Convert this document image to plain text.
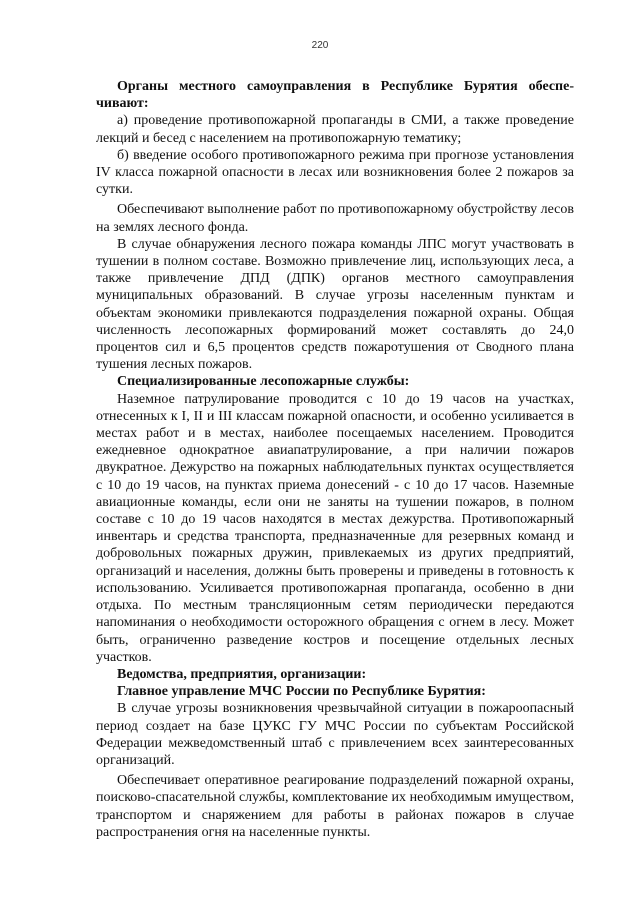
220

Органы местного самоуправления в Республике Бурятия обеспечивают:

а) проведение противопожарной пропаганды в СМИ, а также проведение лекций и бесед с населением на противопожарную тематику;

б) введение особого противопожарного режима при прогнозе установления IV класса пожарной опасности в лесах или возникновения более 2 пожаров за сутки.

Обеспечивают выполнение работ по противопожарному обустройству лесов на землях лесного фонда.

В случае обнаружения лесного пожара команды ЛПС могут участвовать в тушении в полном составе. Возможно привлечение лиц, использующих леса, а также привлечение ДПД (ДПК) органов местного самоуправления муниципальных образований. В случае угрозы населенным пунктам и объектам экономики привлекаются подразделения пожарной охраны. Общая численность лесопожарных формирований может составлять до 24,0 процентов сил и 6,5 процентов средств пожаротушения от Сводного плана тушения лесных пожаров.

Специализированные лесопожарные службы:

Наземное патрулирование проводится с 10 до 19 часов на участках, отнесенных к I, II и III классам пожарной опасности, и особенно усиливается в местах работ и в местах, наиболее посещаемых населением. Проводится ежедневное однократное авиапатрулирование, а при наличии пожаров двукратное. Дежурство на пожарных наблюдательных пунктах осуществляется с 10 до 19 часов, на пунктах приема донесений - с 10 до 17 часов. Наземные авиационные команды, если они не заняты на тушении пожаров, в полном составе с 10 до 19 часов находятся в местах дежурства. Противопожарный инвентарь и средства транспорта, предназначенные для резервных команд и добровольных пожарных дружин, привлекаемых из других предприятий, организаций и населения, должны быть проверены и приведены в готовность к использованию. Усиливается противопожарная пропаганда, особенно в дни отдыха. По местным трансляционным сетям периодически передаются напоминания о необходимости осторожного обращения с огнем в лесу. Может быть, ограниченно разведение костров и посещение отдельных лесных участков.

Ведомства, предприятия, организации:

Главное управление МЧС России по Республике Бурятия:

В случае угрозы возникновения чрезвычайной ситуации в пожароопасный период создает на базе ЦУКС ГУ МЧС России по субъектам Российской Федерации межведомственный штаб с привлечением всех заинтересованных организаций.

Обеспечивает оперативное реагирование подразделений пожарной охраны, поисково-спасательной службы, комплектование их необходимым имуществом, транспортом и снаряжением для работы в районах пожаров в случае распространения огня на населенные пункты.
